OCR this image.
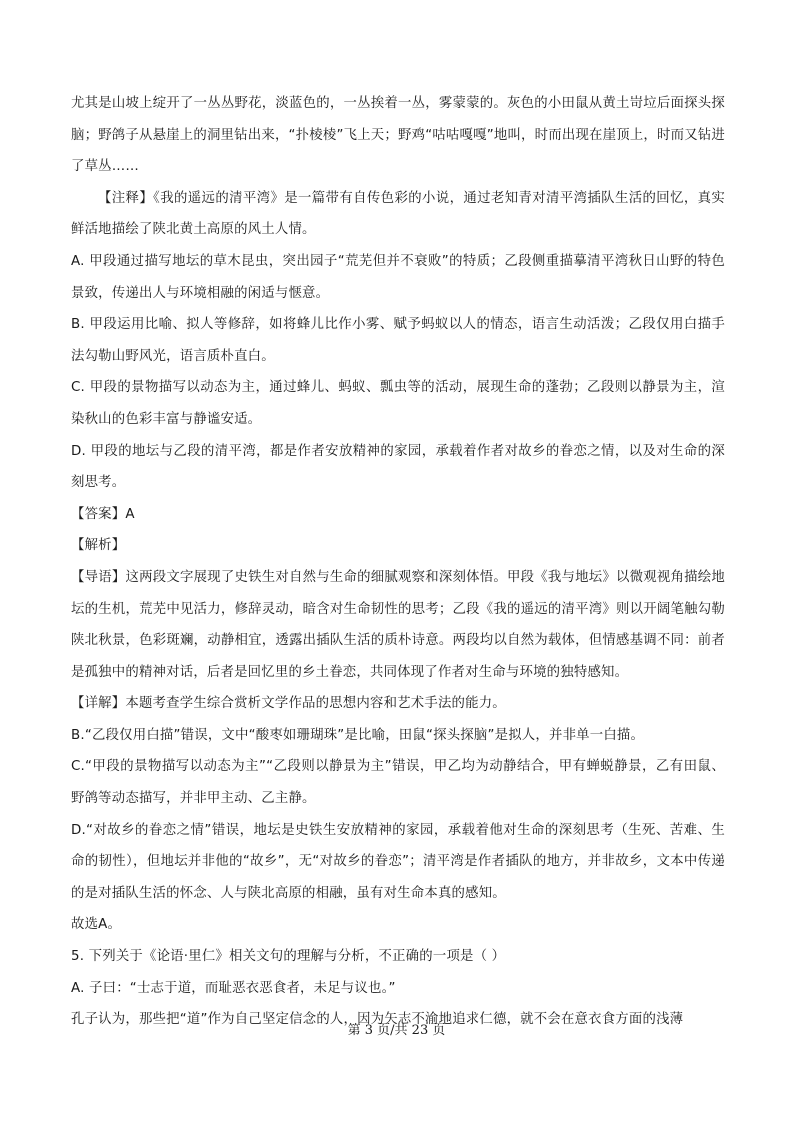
尤其是山坡上绽开了一丛丛野花，淡蓝色的，一丛挨着一丛，雾蒙蒙的。灰色的小田鼠从黄土岢垃后面探头探脑；野鸽子从悬崖上的洞里钻出来，“扑棱棱”飞上天；野鸡“咕咕嘎嘎”地叫，时而出现在崖顶上，时而又钻进了草丛……

【注释】《我的遥远的清平湾》是一篇带有自传色彩的小说，通过老知青对清平湾插队生活的回忆，真实鲜活地描绘了陕北黄土高原的风土人情。

A. 甲段通过描写地坛的草木昆虫，突出园子“荒芜但并不衰败”的特质；乙段侧重描摹清平湾秋日山野的特色景致，传递出人与环境相融的闲适与惬意。

B. 甲段运用比喻、拟人等修辞，如将蜂儿比作小雾、赋予蚂蚁以人的情态，语言生动活泼；乙段仅用白描手法勾勒山野风光，语言质朴直白。

C. 甲段的景物描写以动态为主，通过蜂儿、蚂蚁、瓢虫等的活动，展现生命的蓬勃；乙段则以静景为主，渲染秋山的色彩丰富与静谧安适。

D. 甲段的地坛与乙段的清平湾，都是作者安放精神的家园，承载着作者对故乡的眷恋之情，以及对生命的深刻思考。

【答案】A

【解析】

【导语】这两段文字展现了史铁生对自然与生命的细腻观察和深刻体悟。甲段《我与地坛》以微观视角描绘地坛的生机，荒芜中见活力，修辞灵动，暗含对生命韧性的思考；乙段《我的遥远的清平湾》则以开阔笔触勾勒陕北秋景，色彩斑斓，动静相宜，透露出插队生活的质朴诗意。两段均以自然为载体，但情感基调不同：前者是孤独中的精神对话，后者是回忆里的乡土眷恋，共同体现了作者对生命与环境的独特感知。

【详解】本题考查学生综合赏析文学作品的思想内容和艺术手法的能力。

B.“乙段仅用白描”错误，文中“酸枣如珊瑚珠”是比喻，田鼠“探头探脑”是拟人，并非单一白描。

C.“甲段的景物描写以动态为主”“乙段则以静景为主”错误，甲乙均为动静结合，甲有蝉蜕静景，乙有田鼠、野鸽等动态描写，并非甲主动、乙主静。

D.“对故乡的眷恋之情”错误，地坛是史铁生安放精神的家园，承载着他对生命的深刻思考（生死、苦难、生命的韧性），但地坛并非他的“故乡”，无“对故乡的眷恋”；清平湾是作者插队的地方，并非故乡，文本中传递的是对插队生活的怀念、人与陕北高原的相融，虽有对生命本真的感知。

故选A。

5. 下列关于《论语·里仁》相关文句的理解与分析，不正确的一项是（ ）

A. 子曰：“士志于道，而耻恶衣恶食者，未足与议也。”

孔子认为，那些把“道”作为自己坚定信念的人，因为矢志不渝地追求仁德，就不会在意衣食方面的浅薄

第 3 页/共 23 页
